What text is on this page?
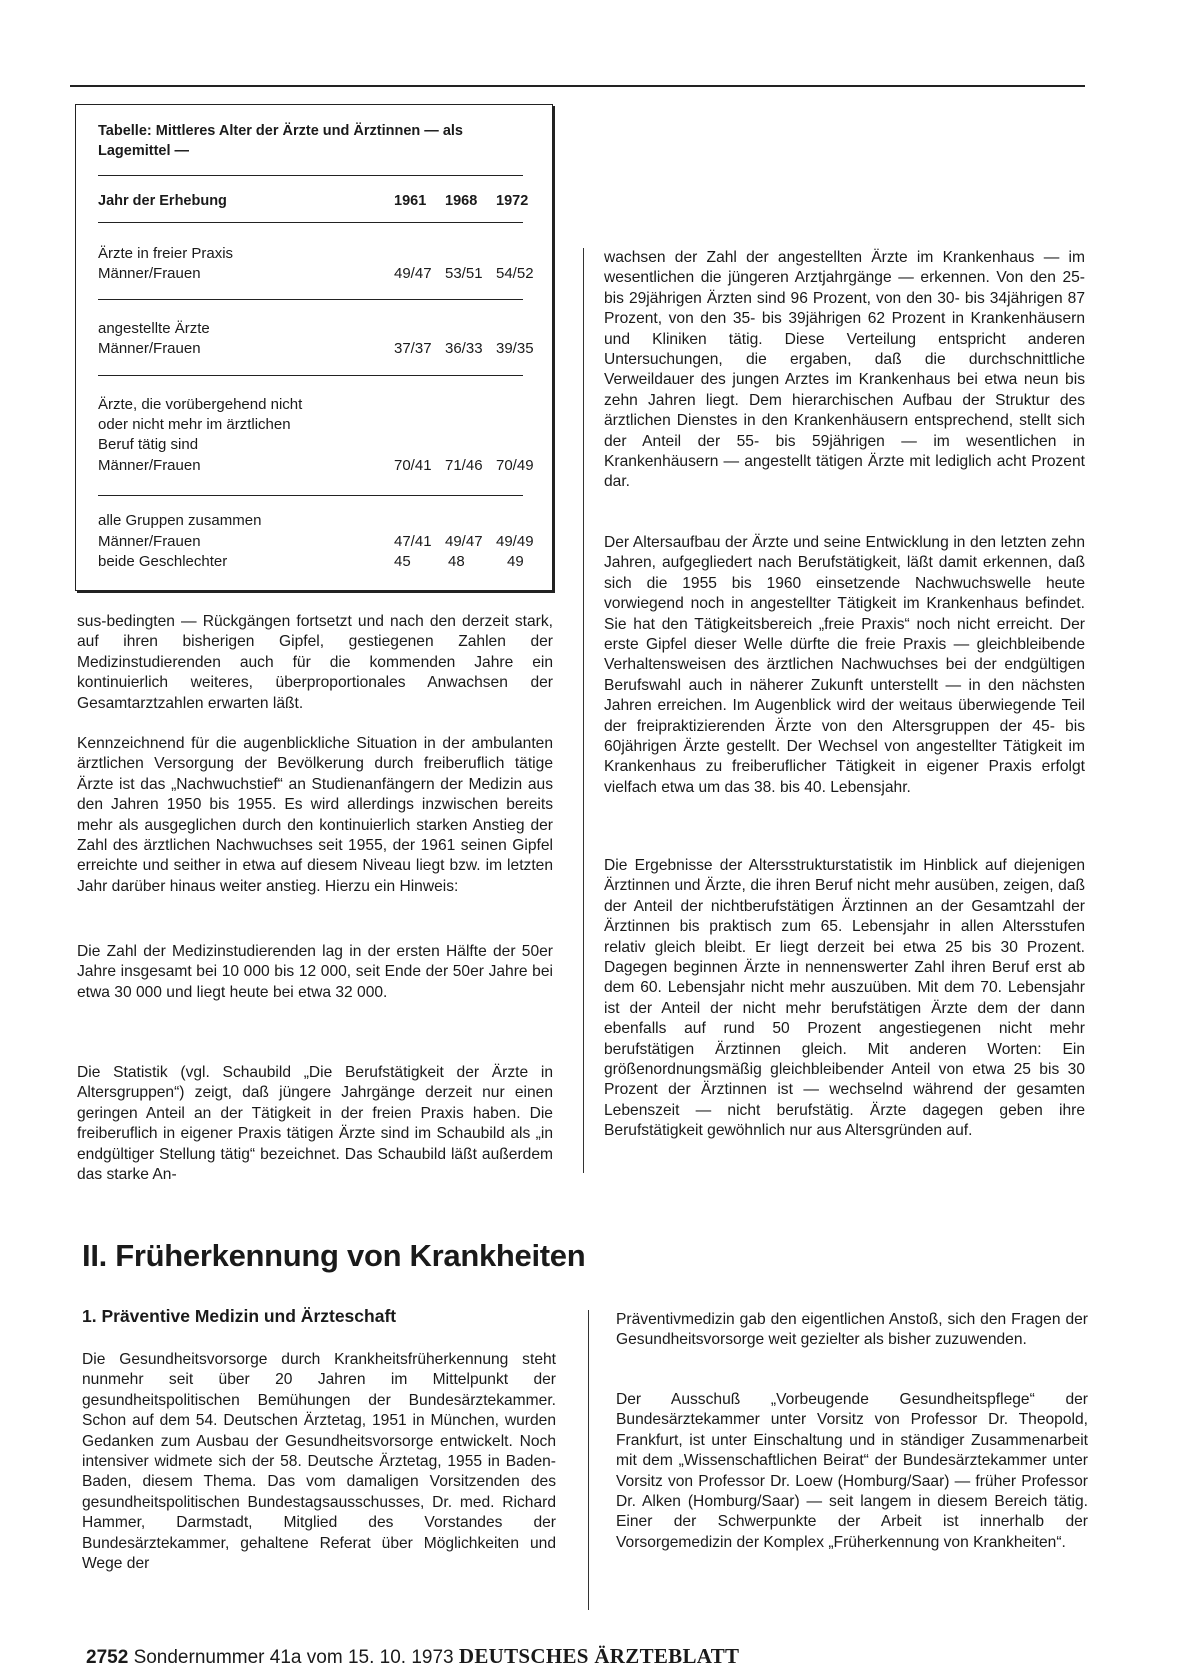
Tabelle: Mittleres Alter der Ärzte und Ärztinnen — als Lagemittel —
Jahr der Erhebung	1961	1968	1972
Ärzte in freier Praxis
Männer/Frauen	49/47 53/51 54/52
angestellte Ärzte
Männer/Frauen	37/37 36/33 39/35
Ärzte, die vorübergehend nicht
oder nicht mehr im ärztlichen
Beruf tätig sind
Männer/Frauen	70/41 71/46 70/49
alle Gruppen zusammen
Männer/Frauen	47/41 49/47 49/49
beide Geschlechter	45	48	49

sus-bedingten — Rückgängen fortsetzt und nach den derzeit stark, auf ihren bisherigen Gipfel, gestiegenen Zahlen der Medizinstudierenden auch für die kommenden Jahre ein kontinuierlich weiteres, überproportionales Anwachsen der Gesamtarztzahlen erwarten läßt.

Kennzeichnend für die augenblickliche Situation in der ambulanten ärztlichen Versorgung der Bevölkerung durch freiberuflich tätige Ärzte ist das „Nachwuchstief“ an Studienanfängern der Medizin aus den Jahren 1950 bis 1955. Es wird allerdings inzwischen bereits mehr als ausgeglichen durch den kontinuierlich starken Anstieg der Zahl des ärztlichen Nachwuchses seit 1955, der 1961 seinen Gipfel erreichte und seither in etwa auf diesem Niveau liegt bzw. im letzten Jahr darüber hinaus weiter anstieg. Hierzu ein Hinweis:

Die Zahl der Medizinstudierenden lag in der ersten Hälfte der 50er Jahre insgesamt bei 10 000 bis 12 000, seit Ende der 50er Jahre bei etwa 30 000 und liegt heute bei etwa 32 000.

Die Statistik (vgl. Schaubild „Die Berufstätigkeit der Ärzte in Altersgruppen“) zeigt, daß jüngere Jahrgänge derzeit nur einen geringen Anteil an der Tätigkeit in der freien Praxis haben. Die freiberuflich in eigener Praxis tätigen Ärzte sind im Schaubild als „in endgültiger Stellung tätig“ bezeichnet. Das Schaubild läßt außerdem das starke An-

wachsen der Zahl der angestellten Ärzte im Krankenhaus — im wesentlichen die jüngeren Arztjahrgänge — erkennen. Von den 25- bis 29jährigen Ärzten sind 96 Prozent, von den 30- bis 34jährigen 87 Prozent, von den 35- bis 39jährigen 62 Prozent in Krankenhäusern und Kliniken tätig. Diese Verteilung entspricht anderen Untersuchungen, die ergaben, daß die durchschnittliche Verweildauer des jungen Arztes im Krankenhaus bei etwa neun bis zehn Jahren liegt. Dem hierarchischen Aufbau der Struktur des ärztlichen Dienstes in den Krankenhäusern entsprechend, stellt sich der Anteil der 55- bis 59jährigen — im wesentlichen in Krankenhäusern — angestellt tätigen Ärzte mit lediglich acht Prozent dar.

Der Altersaufbau der Ärzte und seine Entwicklung in den letzten zehn Jahren, aufgegliedert nach Berufstätigkeit, läßt damit erkennen, daß sich die 1955 bis 1960 einsetzende Nachwuchswelle heute vorwiegend noch in angestellter Tätigkeit im Krankenhaus befindet. Sie hat den Tätigkeitsbereich „freie Praxis“ noch nicht erreicht. Der erste Gipfel dieser Welle dürfte die freie Praxis — gleichbleibende Verhaltensweisen des ärztlichen Nachwuchses bei der endgültigen Berufswahl auch in näherer Zukunft unterstellt — in den nächsten Jahren erreichen. Im Augenblick wird der weitaus überwiegende Teil der freipraktizierenden Ärzte von den Altersgruppen der 45- bis 60jährigen Ärzte gestellt. Der Wechsel von angestellter Tätigkeit im Krankenhaus zu freiberuflicher Tätigkeit in eigener Praxis erfolgt vielfach etwa um das 38. bis 40. Lebensjahr.

Die Ergebnisse der Altersstrukturstatistik im Hinblick auf diejenigen Ärztinnen und Ärzte, die ihren Beruf nicht mehr ausüben, zeigen, daß der Anteil der nichtberufstätigen Ärztinnen an der Gesamtzahl der Ärztinnen bis praktisch zum 65. Lebensjahr in allen Altersstufen relativ gleich bleibt. Er liegt derzeit bei etwa 25 bis 30 Prozent. Dagegen beginnen Ärzte in nennenswerter Zahl ihren Beruf erst ab dem 60. Lebensjahr nicht mehr auszuüben. Mit dem 70. Lebensjahr ist der Anteil der nicht mehr berufstätigen Ärzte dem der dann ebenfalls auf rund 50 Prozent angestiegenen nicht mehr berufstätigen Ärztinnen gleich. Mit anderen Worten: Ein größenordnungsmäßig gleichbleibender Anteil von etwa 25 bis 30 Prozent der Ärztinnen ist — wechselnd während der gesamten Lebenszeit — nicht berufstätig. Ärzte dagegen geben ihre Berufstätigkeit gewöhnlich nur aus Altersgründen auf.

II. Früherkennung von Krankheiten
1. Präventive Medizin und Ärzteschaft

Die Gesundheitsvorsorge durch Krankheitsfrüherkennung steht nunmehr seit über 20 Jahren im Mittelpunkt der gesundheitspolitischen Bemühungen der Bundesärztekammer. Schon auf dem 54. Deutschen Ärztetag, 1951 in München, wurden Gedanken zum Ausbau der Gesundheitsvorsorge entwickelt. Noch intensiver widmete sich der 58. Deutsche Ärztetag, 1955 in Baden-Baden, diesem Thema. Das vom damaligen Vorsitzenden des gesundheitspolitischen Bundestagsausschusses, Dr. med. Richard Hammer, Darmstadt, Mitglied des Vorstandes der Bundesärztekammer, gehaltene Referat über Möglichkeiten und Wege der

Präventivmedizin gab den eigentlichen Anstoß, sich den Fragen der Gesundheitsvorsorge weit gezielter als bisher zuzuwenden.

Der Ausschuß „Vorbeugende Gesundheitspflege“ der Bundesärztekammer unter Vorsitz von Professor Dr. Theopold, Frankfurt, ist unter Einschaltung und in ständiger Zusammenarbeit mit dem „Wissenschaftlichen Beirat“ der Bundesärztekammer unter Vorsitz von Professor Dr. Loew (Homburg/Saar) — früher Professor Dr. Alken (Homburg/Saar) — seit langem in diesem Bereich tätig. Einer der Schwerpunkte der Arbeit ist innerhalb der Vorsorgemedizin der Komplex „Früherkennung von Krankheiten“.

2752 Sondernummer 41a vom 15. 10. 1973 DEUTSCHES ÄRZTEBLATT
